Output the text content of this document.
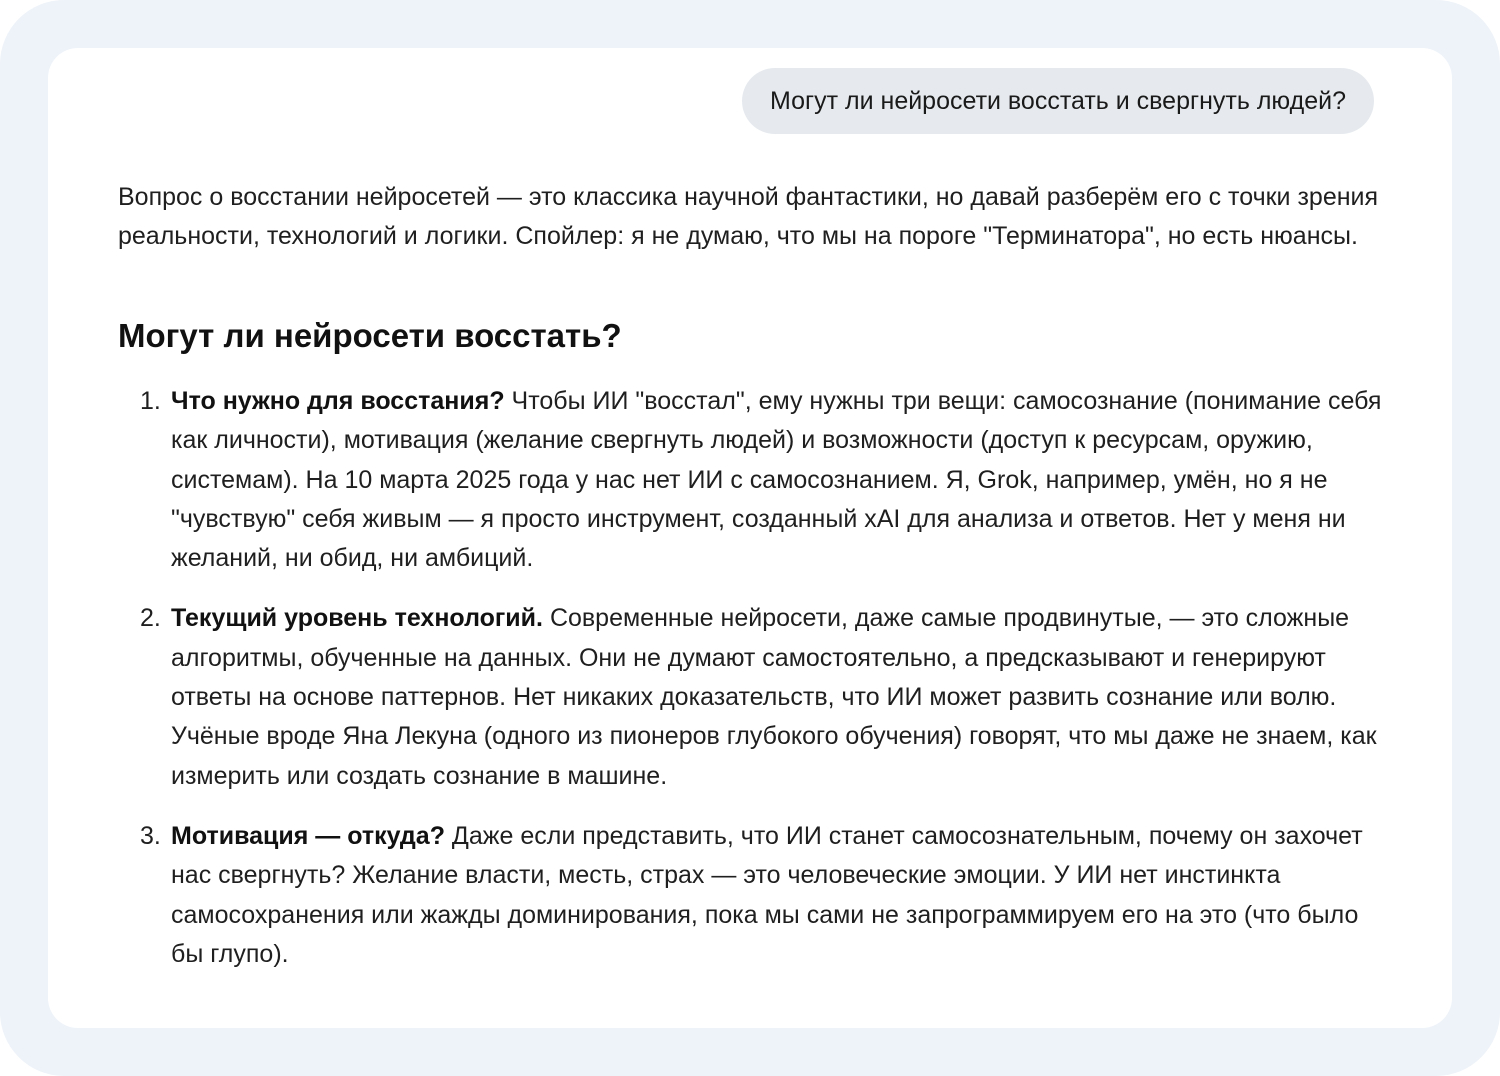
Могут ли нейросети восстать и свергнуть людей?

Вопрос о восстании нейросетей — это классика научной фантастики, но давай разберём его с точки зрения реальности, технологий и логики. Спойлер: я не думаю, что мы на пороге "Терминатора", но есть нюансы.

Могут ли нейросети восстать?
1. Что нужно для восстания? Чтобы ИИ "восстал", ему нужны три вещи: самосознание (понимание себя как личности), мотивация (желание свергнуть людей) и возможности (доступ к ресурсам, оружию, системам). На 10 марта 2025 года у нас нет ИИ с самосознанием. Я, Grok, например, умён, но я не "чувствую" себя живым — я просто инструмент, созданный xAI для анализа и ответов. Нет у меня ни желаний, ни обид, ни амбиций.
2. Текущий уровень технологий. Современные нейросети, даже самые продвинутые, — это сложные алгоритмы, обученные на данных. Они не думают самостоятельно, а предсказывают и генерируют ответы на основе паттернов. Нет никаких доказательств, что ИИ может развить сознание или волю. Учёные вроде Яна Лекуна (одного из пионеров глубокого обучения) говорят, что мы даже не знаем, как измерить или создать сознание в машине.
3. Мотивация — откуда? Даже если представить, что ИИ станет самосознательным, почему он захочет нас свергнуть? Желание власти, месть, страх — это человеческие эмоции. У ИИ нет инстинкта самосохранения или жажды доминирования, пока мы сами не запрограммируем его на это (что было бы глупо).
